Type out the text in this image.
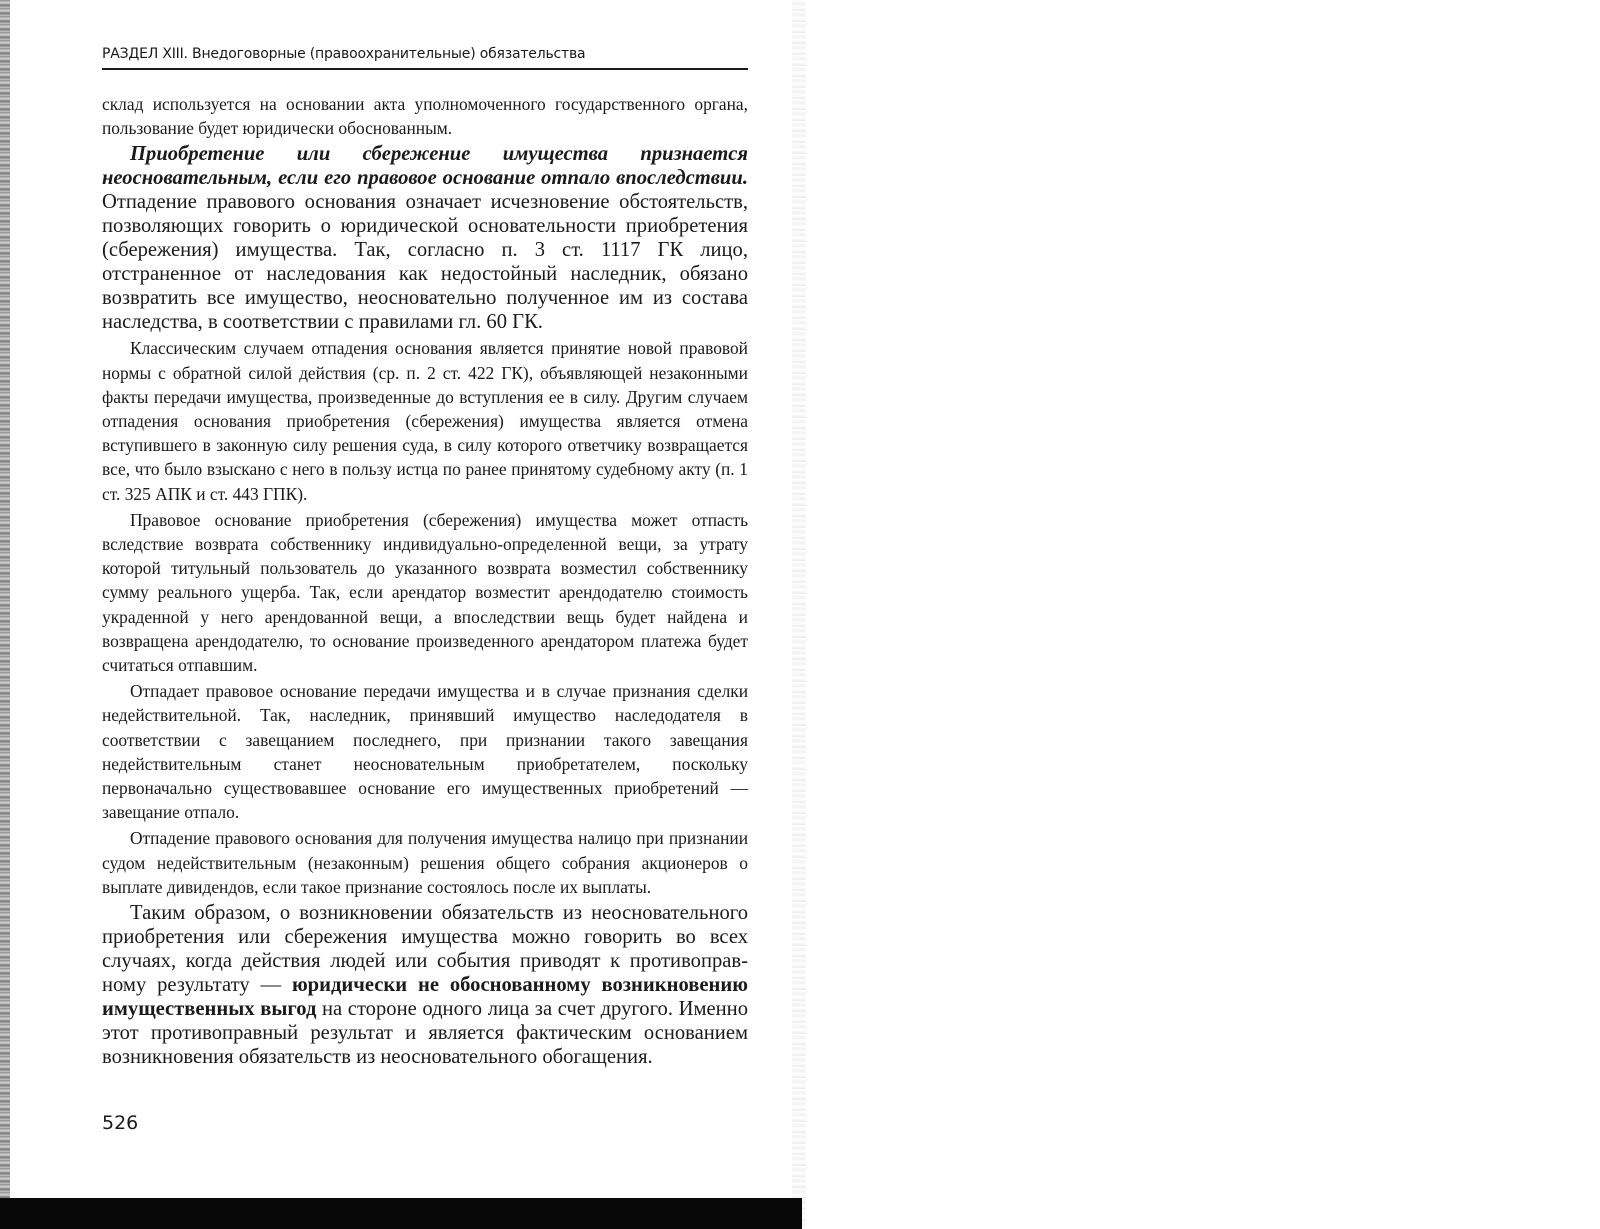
РАЗДЕЛ XIII. Внедоговорные (правоохранительные) обязательства

склад используется на основании акта уполномоченного государственного органа, пользование будет юридически обоснованным.

Приобретение или сбережение имущества признается неосновательным, если его правовое основание отпало впоследствии. Отпадение правового основания означает исчезновение обстоятельств, позволяющих говорить о юридической основательности приобретения (сбережения) имущества. Так, согласно п. 3 ст. 1117 ГК лицо, отстраненное от наследования как недостойный наследник, обязано возвратить все имущество, неосновательно полученное им из состава наследства, в соответствии с правилами гл. 60 ГК.

Классическим случаем отпадения основания является принятие новой правовой нормы с обратной силой действия (ср. п. 2 ст. 422 ГК), объявляющей незаконными факты передачи имущества, произведенные до вступления ее в силу. Другим случаем отпадения основания приобретения (сбережения) имущества является отмена вступившего в законную силу решения суда, в силу которого ответчику возвращается все, что было взыскано с него в пользу истца по ранее принятому судебному акту (п. 1 ст. 325 АПК и ст. 443 ГПК).

Правовое основание приобретения (сбережения) имущества может отпасть вследствие возврата собственнику индивидуально-определенной вещи, за утрату которой титульный пользователь до указанного возврата возместил собственнику сумму реального ущерба. Так, если арендатор возместит арендодателю стоимость украденной у него арендованной вещи, а впоследствии вещь будет найдена и возвращена арендодателю, то основание произведенного арендатором платежа будет считаться отпавшим.

Отпадает правовое основание передачи имущества и в случае признания сделки недействительной. Так, наследник, принявший имущество наследодателя в соответствии с завещанием последнего, при признании такого завещания недействительным станет неосновательным приобретателем, поскольку первоначально существовавшее основание его имущественных приобретений — завещание отпало.

Отпадение правового основания для получения имущества налицо при признании судом недействительным (незаконным) решения общего собрания акционеров о выплате дивидендов, если такое признание состоялось после их выплаты.

Таким образом, о возникновении обязательств из неосновательного приобретения или сбережения имущества можно говорить во всех случаях, когда действия людей или события приводят к противоправному результату — юридически не обоснованному возникновению имущественных выгод на стороне одного лица за счет другого. Именно этот противоправный результат и является фактическим основанием возникновения обязательств из неосновательного обогащения.

526
